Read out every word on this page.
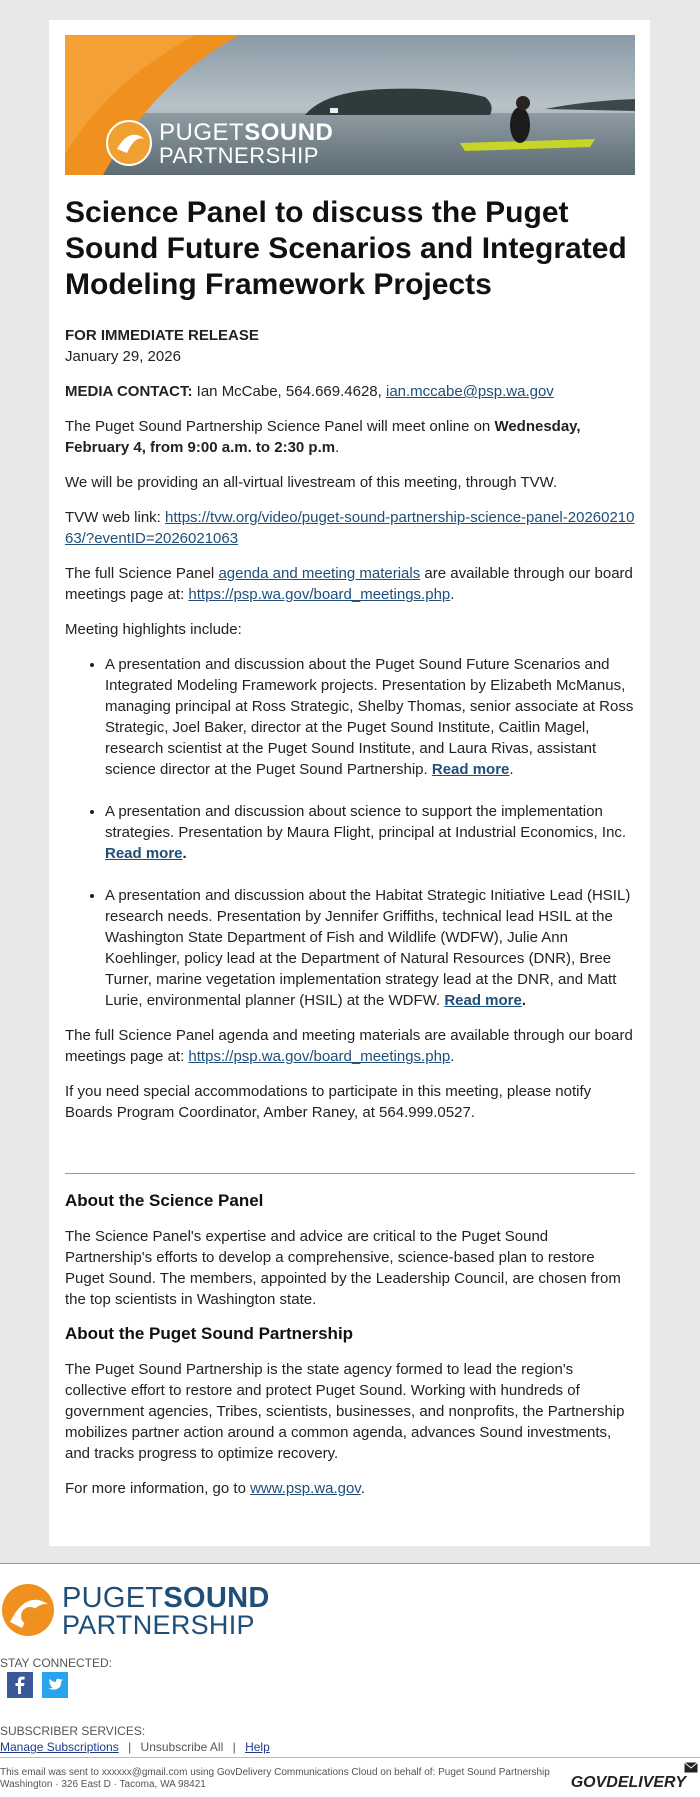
PUGETSOUND
PARTNERSHIP
Science Panel to discuss the Puget Sound Future Scenarios and Integrated Modeling Framework Projects

FOR IMMEDIATE RELEASE
January 29, 2026

MEDIA CONTACT: Ian McCabe, 564.669.4628, ian.mccabe@psp.wa.gov

The Puget Sound Partnership Science Panel will meet online on Wednesday, February 4, from 9:00 a.m. to 2:30 p.m.

We will be providing an all-virtual livestream of this meeting, through TVW.

TVW web link: https://tvw.org/video/puget-sound-partnership-science-panel-2026021063/?eventID=2026021063

The full Science Panel agenda and meeting materials are available through our board meetings page at: https://psp.wa.gov/board_meetings.php.

Meeting highlights include:

• A presentation and discussion about the Puget Sound Future Scenarios and Integrated Modeling Framework projects. Presentation by Elizabeth McManus, managing principal at Ross Strategic, Shelby Thomas, senior associate at Ross Strategic, Joel Baker, director at the Puget Sound Institute, Caitlin Magel, research scientist at the Puget Sound Institute, and Laura Rivas, assistant science director at the Puget Sound Partnership. Read more.
• A presentation and discussion about science to support the implementation strategies. Presentation by Maura Flight, principal at Industrial Economics, Inc. Read more.
• A presentation and discussion about the Habitat Strategic Initiative Lead (HSIL) research needs. Presentation by Jennifer Griffiths, technical lead HSIL at the Washington State Department of Fish and Wildlife (WDFW), Julie Ann Koehlinger, policy lead at the Department of Natural Resources (DNR), Bree Turner, marine vegetation implementation strategy lead at the DNR, and Matt Lurie, environmental planner (HSIL) at the WDFW. Read more.

The full Science Panel agenda and meeting materials are available through our board meetings page at: https://psp.wa.gov/board_meetings.php.

If you need special accommodations to participate in this meeting, please notify Boards Program Coordinator, Amber Raney, at 564.999.0527.

About the Science Panel

The Science Panel's expertise and advice are critical to the Puget Sound Partnership's efforts to develop a comprehensive, science-based plan to restore Puget Sound. The members, appointed by the Leadership Council, are chosen from the top scientists in Washington state.

About the Puget Sound Partnership

The Puget Sound Partnership is the state agency formed to lead the region's collective effort to restore and protect Puget Sound. Working with hundreds of government agencies, Tribes, scientists, businesses, and nonprofits, the Partnership mobilizes partner action around a common agenda, advances Sound investments, and tracks progress to optimize recovery.

For more information, go to www.psp.wa.gov.

PUGETSOUND
PARTNERSHIP
STAY CONNECTED:
SUBSCRIBER SERVICES:
Manage Subscriptions | Unsubscribe All | Help
This email was sent to xxxxxx@gmail.com using GovDelivery Communications Cloud on behalf of: Puget Sound Partnership
Washington · 326 East D · Tacoma, WA 98421	GOVDELIVERY
